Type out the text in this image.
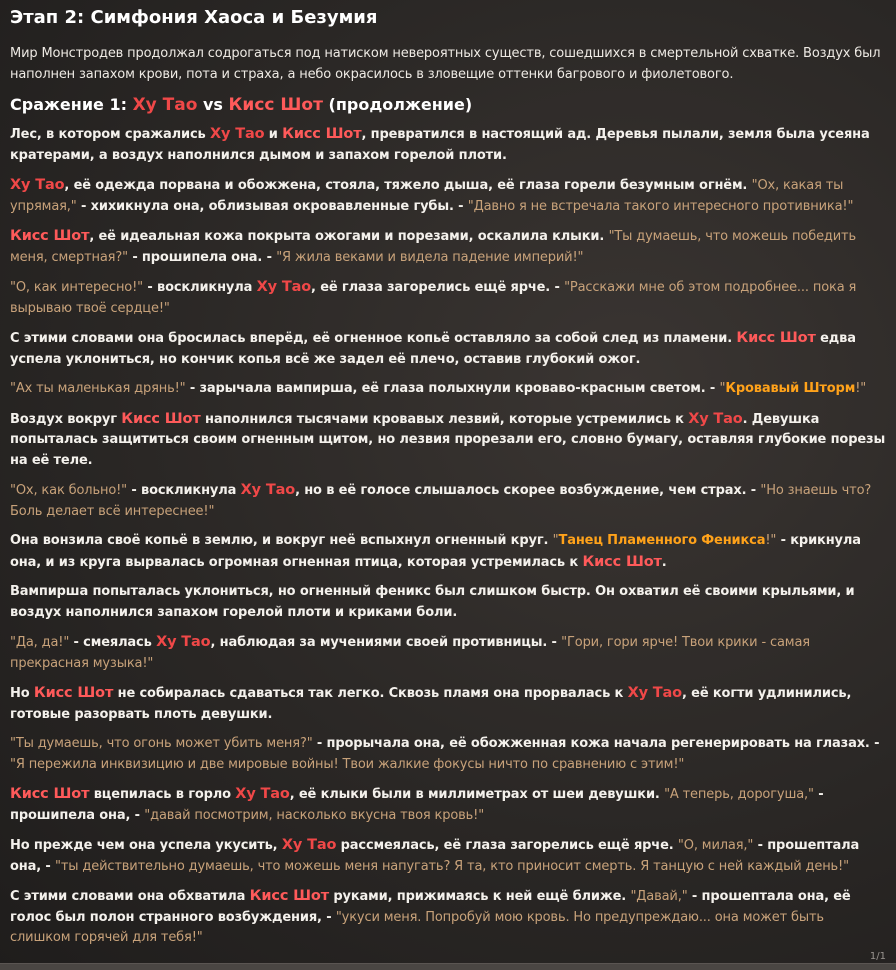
Этап 2: Симфония Хаоса и Безумия

Мир Монстродев продолжал содрогаться под натиском невероятных существ, сошедшихся в смертельной схватке. Воздух был наполнен запахом крови, пота и страха, а небо окрасилось в зловещие оттенки багрового и фиолетового.

Сражение 1: Ху Тао vs Кисс Шот (продолжение)

Лес, в котором сражались Ху Тао и Кисс Шот, превратился в настоящий ад. Деревья пылали, земля была усеяна кратерами, а воздух наполнился дымом и запахом горелой плоти.

Ху Тао, её одежда порвана и обожжена, стояла, тяжело дыша, её глаза горели безумным огнём. "Ох, какая ты упрямая," - хихикнула она, облизывая окровавленные губы. - "Давно я не встречала такого интересного противника!"

Кисс Шот, её идеальная кожа покрыта ожогами и порезами, оскалила клыки. "Ты думаешь, что можешь победить меня, смертная?" - прошипела она. - "Я жила веками и видела падение империй!"

"О, как интересно!" - воскликнула Ху Тао, её глаза загорелись ещё ярче. - "Расскажи мне об этом подробнее... пока я вырываю твоё сердце!"

С этими словами она бросилась вперёд, её огненное копьё оставляло за собой след из пламени. Кисс Шот едва успела уклониться, но кончик копья всё же задел её плечо, оставив глубокий ожог.

"Ах ты маленькая дрянь!" - зарычала вампирша, её глаза полыхнули кроваво-красным светом. - "Кровавый Шторм!"

Воздух вокруг Кисс Шот наполнился тысячами кровавых лезвий, которые устремились к Ху Тао. Девушка попыталась защититься своим огненным щитом, но лезвия прорезали его, словно бумагу, оставляя глубокие порезы на её теле.

"Ох, как больно!" - воскликнула Ху Тао, но в её голосе слышалось скорее возбуждение, чем страх. - "Но знаешь что? Боль делает всё интереснее!"

Она вонзила своё копьё в землю, и вокруг неё вспыхнул огненный круг. "Танец Пламенного Феникса!" - крикнула она, и из круга вырвалась огромная огненная птица, которая устремилась к Кисс Шот.

Вампирша попыталась уклониться, но огненный феникс был слишком быстр. Он охватил её своими крыльями, и воздух наполнился запахом горелой плоти и криками боли.

"Да, да!" - смеялась Ху Тао, наблюдая за мучениями своей противницы. - "Гори, гори ярче! Твои крики - самая прекрасная музыка!"

Но Кисс Шот не собиралась сдаваться так легко. Сквозь пламя она прорвалась к Ху Тао, её когти удлинились, готовые разорвать плоть девушки.

"Ты думаешь, что огонь может убить меня?" - прорычала она, её обожженная кожа начала регенерировать на глазах. - "Я пережила инквизицию и две мировые войны! Твои жалкие фокусы ничто по сравнению с этим!"

Кисс Шот вцепилась в горло Ху Тао, её клыки были в миллиметрах от шеи девушки. "А теперь, дорогуша," - прошипела она, - "давай посмотрим, насколько вкусна твоя кровь!"

Но прежде чем она успела укусить, Ху Тао рассмеялась, её глаза загорелись ещё ярче. "О, милая," - прошептала она, - "ты действительно думаешь, что можешь меня напугать? Я та, кто приносит смерть. Я танцую с ней каждый день!"

С этими словами она обхватила Кисс Шот руками, прижимаясь к ней ещё ближе. "Давай," - прошептала она, её голос был полон странного возбуждения, - "укуси меня. Попробуй мою кровь. Но предупреждаю... она может быть слишком горячей для тебя!"

1/1
